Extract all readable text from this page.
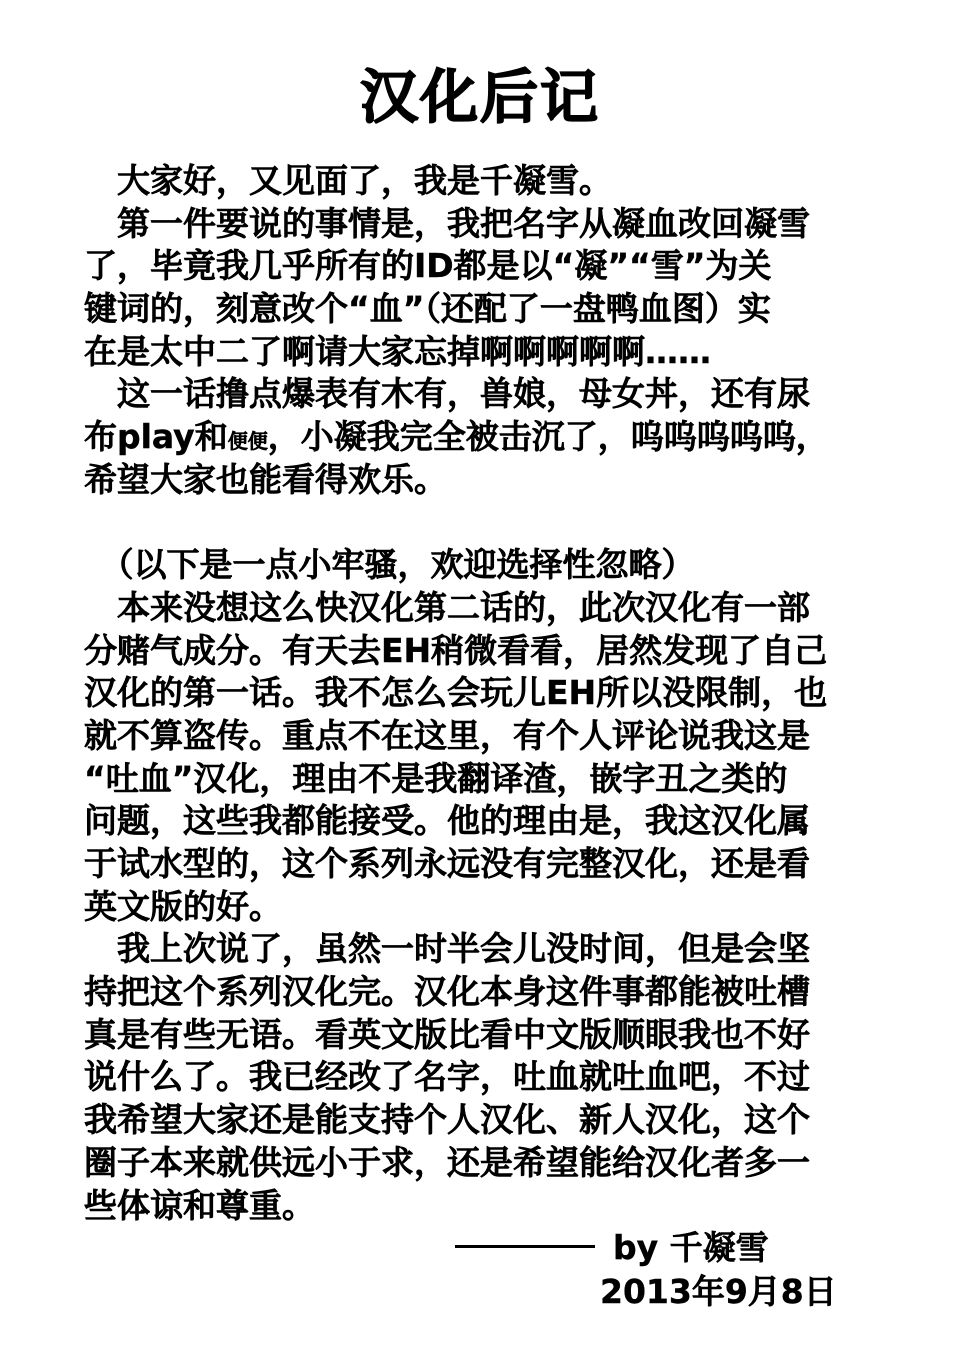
汉化后记
　大家好，又见面了，我是千凝雪。
　第一件要说的事情是，我把名字从凝血改回凝雪
了，毕竟我几乎所有的ID都是以“凝”“雪”为关
键词的，刻意改个“血”（还配了一盘鸭血图）实
在是太中二了啊请大家忘掉啊啊啊啊啊……
　这一话撸点爆表有木有，兽娘，母女丼，还有尿
布play和便便，小凝我完全被击沉了，呜呜呜呜呜，
希望大家也能看得欢乐。
　（以下是一点小牢骚，欢迎选择性忽略）
　本来没想这么快汉化第二话的，此次汉化有一部
分赌气成分。有天去EH稍微看看，居然发现了自己
汉化的第一话。我不怎么会玩儿EH所以没限制，也
就不算盗传。重点不在这里，有个人评论说我这是
“吐血”汉化，理由不是我翻译渣，嵌字丑之类的
问题，这些我都能接受。他的理由是，我这汉化属
于试水型的，这个系列永远没有完整汉化，还是看
英文版的好。
　我上次说了，虽然一时半会儿没时间，但是会坚
持把这个系列汉化完。汉化本身这件事都能被吐槽
真是有些无语。看英文版比看中文版顺眼我也不好
说什么了。我已经改了名字，吐血就吐血吧，不过
我希望大家还是能支持个人汉化、新人汉化，这个
圈子本来就供远小于求，还是希望能给汉化者多一
些体谅和尊重。
by 千凝雪
2013年9月8日
